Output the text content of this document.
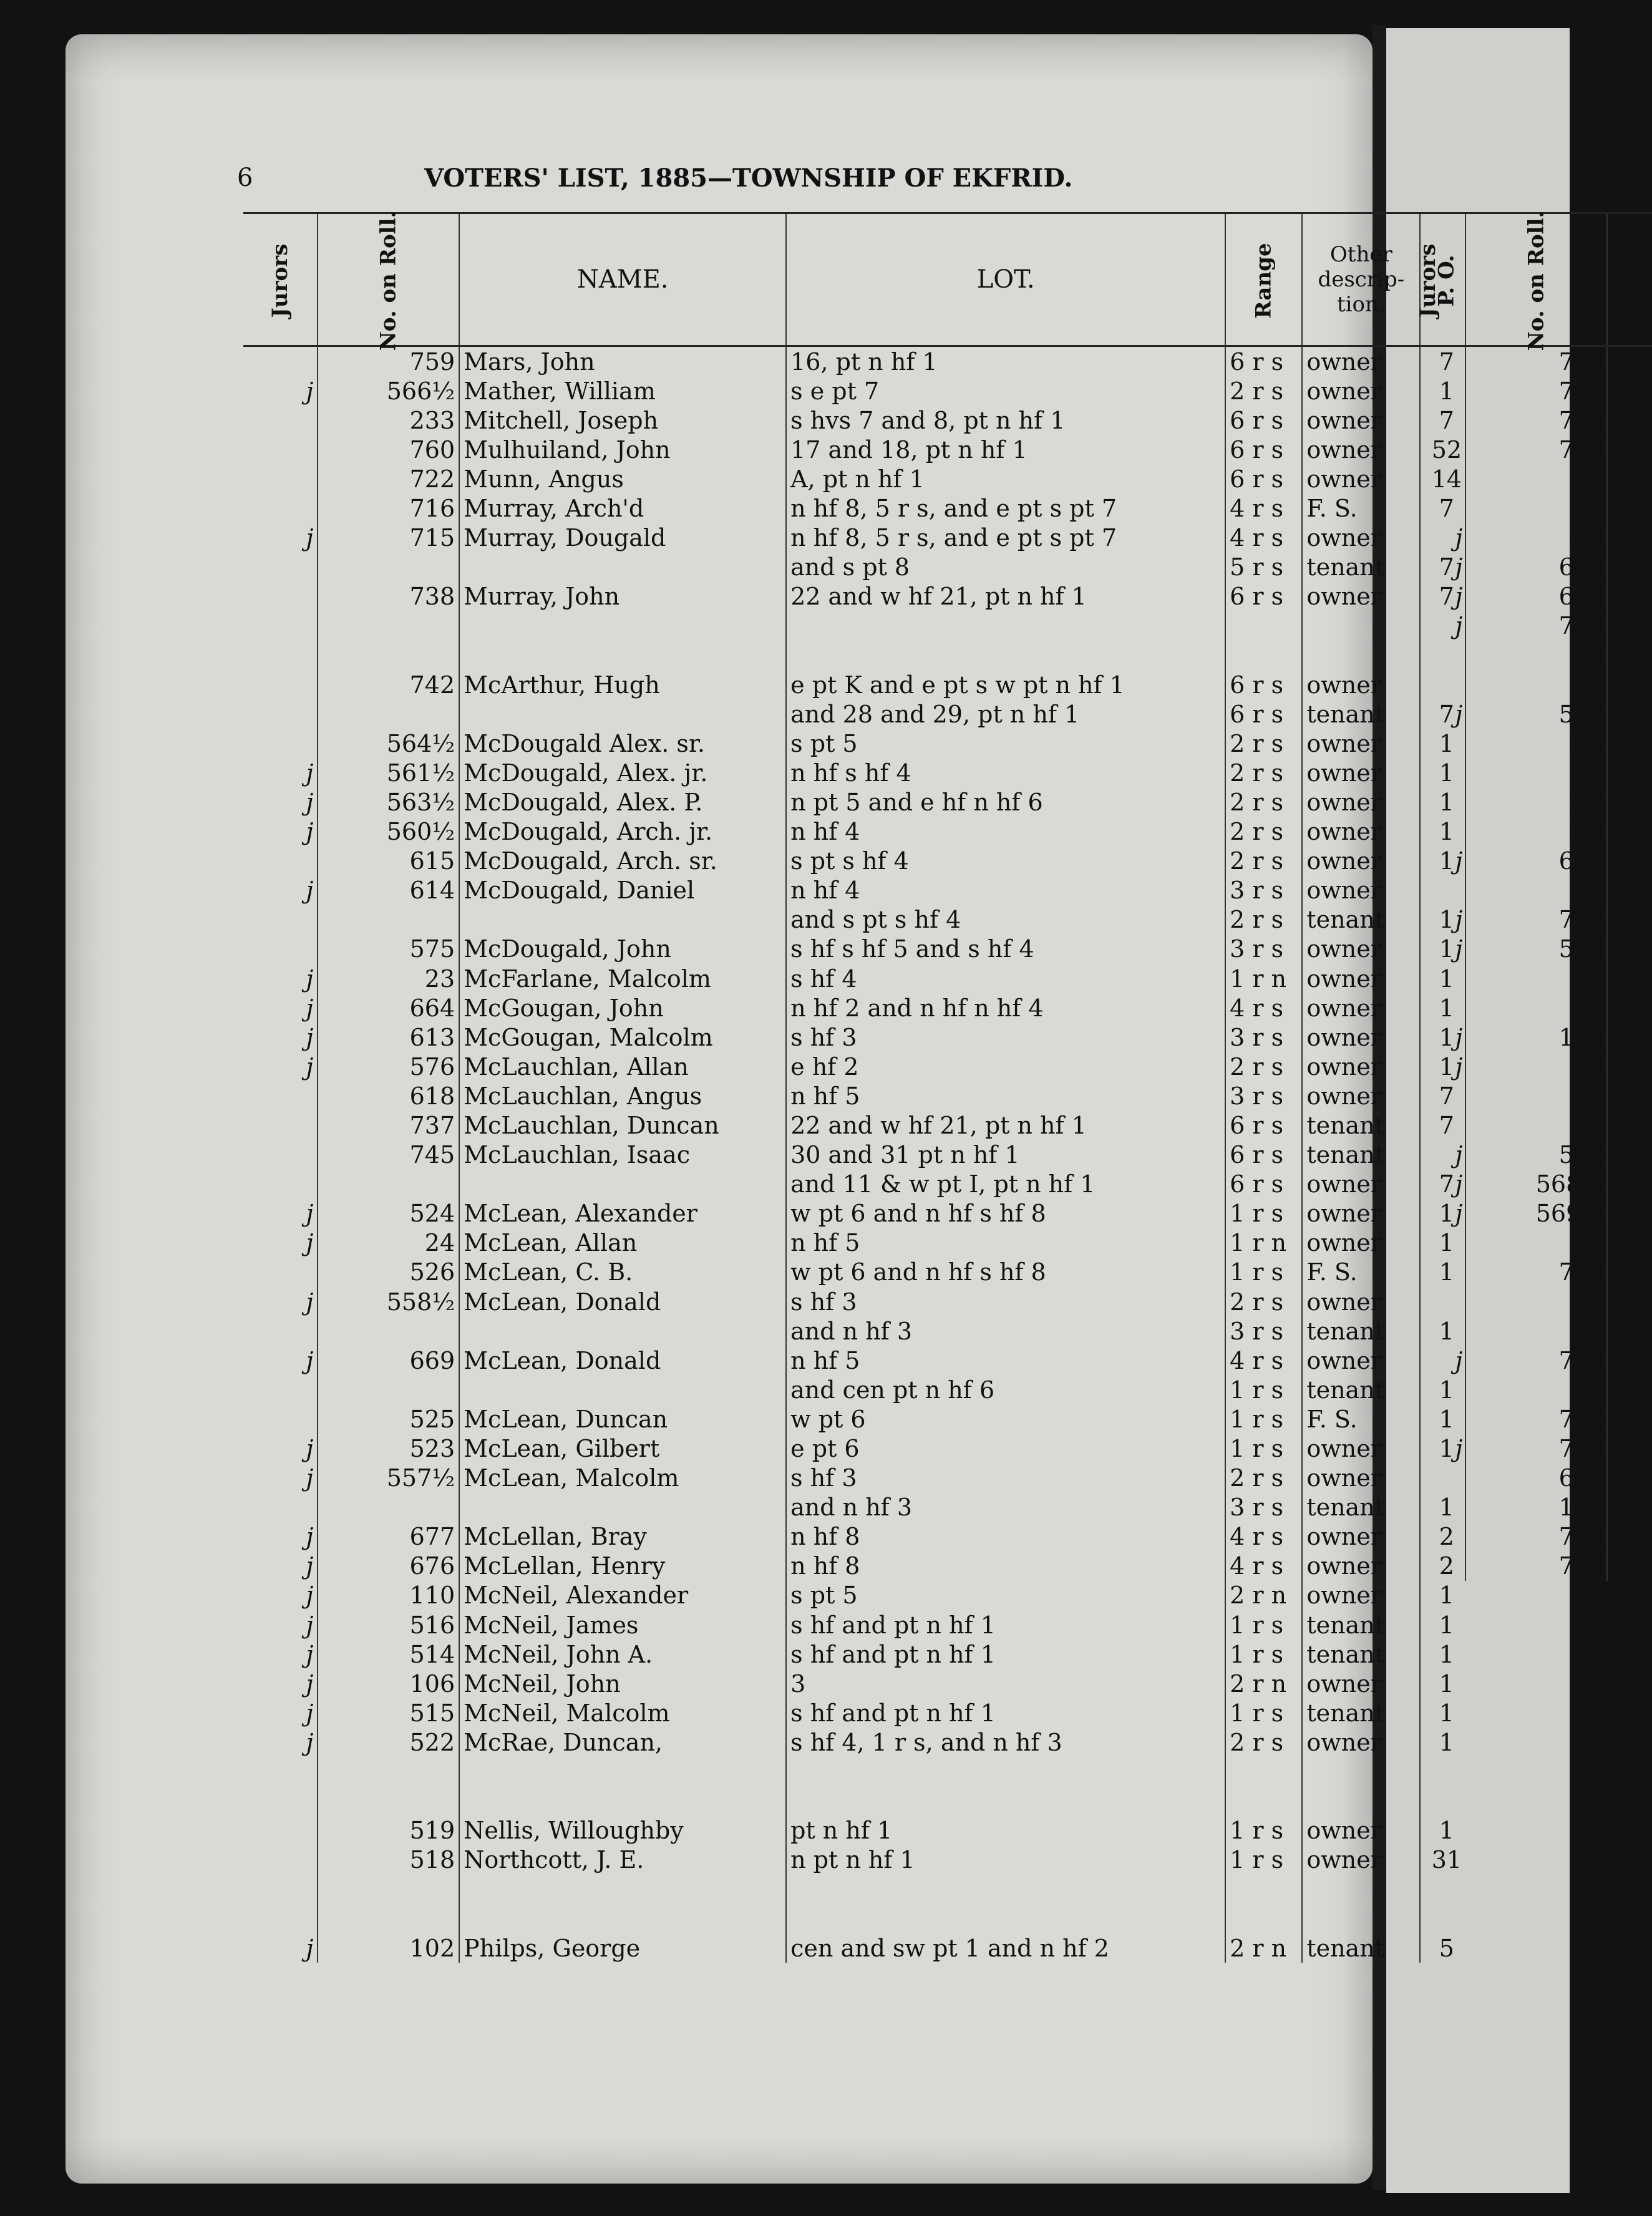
6	VOTERS' LIST, 1885—TOWNSHIP OF EKFRID.
Jurors	No. on Roll.	NAME.	LOT.	Range	Other descrip-tion.	P. O.
	759	Mars, John	16, pt n hf 1	6 r s	owner	7
j	566½	Mather, William	s e pt 7	2 r s	owner	1
	233	Mitchell, Joseph	s hvs 7 and 8, pt n hf 1	6 r s	owner	7
	760	Mulhuiland, John	17 and 18, pt n hf 1	6 r s	owner	52
	722	Munn, Angus	A, pt n hf 1	6 r s	owner	14
	716	Murray, Arch'd	n hf 8, 5 r s, and e pt s pt 7	4 r s	F. S.	7
j	715	Murray, Dougald	n hf 8, 5 r s, and e pt s pt 7	4 r s	owner	
			and s pt 8	5 r s	tenant	7
	738	Murray, John	22 and w hf 21, pt n hf 1	6 r s	owner	7

	742	McArthur, Hugh	e pt K and e pt s w pt n hf 1	6 r s	owner	
			and 28 and 29, pt n hf 1	6 r s	tenant	7
	564½	McDougald Alex. sr.	s pt 5	2 r s	owner	1
j	561½	McDougald, Alex. jr.	n hf s hf 4	2 r s	owner	1
j	563½	McDougald, Alex. P.	n pt 5 and e hf n hf 6	2 r s	owner	1
j	560½	McDougald, Arch. jr.	n hf 4	2 r s	owner	1
	615	McDougald, Arch. sr.	s pt s hf 4	2 r s	owner	1
j	614	McDougald, Daniel	n hf 4	3 r s	owner	
			and s pt s hf 4	2 r s	tenant	1
	575	McDougald, John	s hf s hf 5 and s hf 4	3 r s	owner	1
j	23	McFarlane, Malcolm	s hf 4	1 r n	owner	1
j	664	McGougan, John	n hf 2 and n hf n hf 4	4 r s	owner	1
j	613	McGougan, Malcolm	s hf 3	3 r s	owner	1
j	576	McLauchlan, Allan	e hf 2	2 r s	owner	1
	618	McLauchlan, Angus	n hf 5	3 r s	owner	7
	737	McLauchlan, Duncan	22 and w hf 21, pt n hf 1	6 r s	tenant	7
	745	McLauchlan, Isaac	30 and 31 pt n hf 1	6 r s	tenant	
			and 11 & w pt I, pt n hf 1	6 r s	owner	7
j	524	McLean, Alexander	w pt 6 and n hf s hf 8	1 r s	owner	1
j	24	McLean, Allan	n hf 5	1 r n	owner	1
	526	McLean, C. B.	w pt 6 and n hf s hf 8	1 r s	F. S.	1
j	558½	McLean, Donald	s hf 3	2 r s	owner	
			and n hf 3	3 r s	tenant	1
j	669	McLean, Donald	n hf 5	4 r s	owner	
			and cen pt n hf 6	1 r s	tenant	1
	525	McLean, Duncan	w pt 6	1 r s	F. S.	1
j	523	McLean, Gilbert	e pt 6	1 r s	owner	1
j	557½	McLean, Malcolm	s hf 3	2 r s	owner	
			and n hf 3	3 r s	tenant	1
j	677	McLellan, Bray	n hf 8	4 r s	owner	2
j	676	McLellan, Henry	n hf 8	4 r s	owner	2
j	110	McNeil, Alexander	s pt 5	2 r n	owner	1
j	516	McNeil, James	s hf and pt n hf 1	1 r s	tenant	1
j	514	McNeil, John A.	s hf and pt n hf 1	1 r s	tenant	1
j	106	McNeil, John	3	2 r n	owner	1
j	515	McNeil, Malcolm	s hf and pt n hf 1	1 r s	tenant	1
j	522	McRae, Duncan,	s hf 4, 1 r s, and n hf 3	2 r s	owner	1

	519	Nellis, Willoughby	pt n hf 1	1 r s	owner	1
	518	Northcott, J. E.	n pt n hf 1	1 r s	owner	31

j	102	Philps, George	cen and sw pt 1 and n hf 2	2 r n	tenant	5
Jurors	No. on Roll.	
	768	Re
	711	Ric
	755	Ro
	739	Ru

j	30	Sa
j	659	Sc
j	660	Sc
j	740	Sin
	9	Sin

j	517	Sp
	25	St

	27	St
	26	St
j	671	St

j	777	S
j	520	S

j	112	T
j	19	T

j	512	T
j	568½	T
j	569½	T

	712	

j	748	

	772	
j	769	
	661	
	104	
	756	
	736	
